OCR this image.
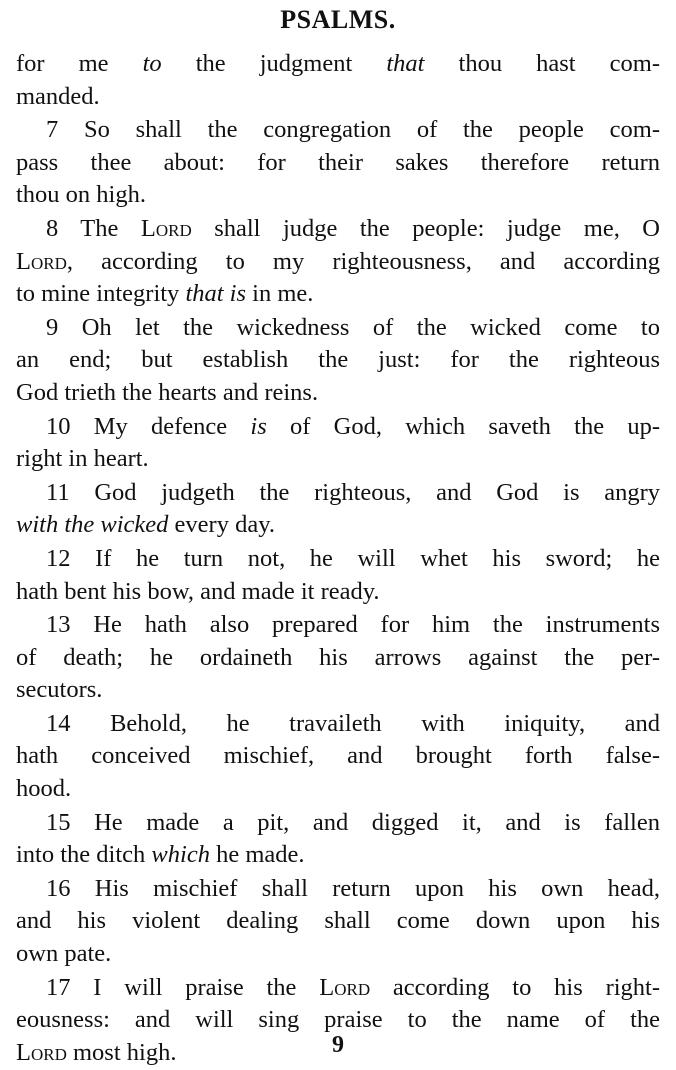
PSALMS.
for me to the judgment that thou hast com-
manded.
7 So shall the congregation of the people com-
pass thee about: for their sakes therefore return
thou on high.
8 The Lord shall judge the people: judge me, O
Lord, according to my righteousness, and according
to mine integrity that is in me.
9 Oh let the wickedness of the wicked come to
an end; but establish the just: for the righteous
God trieth the hearts and reins.
10 My defence is of God, which saveth the up-
right in heart.
11 God judgeth the righteous, and God is angry
with the wicked every day.
12 If he turn not, he will whet his sword; he
hath bent his bow, and made it ready.
13 He hath also prepared for him the instruments
of death; he ordaineth his arrows against the per-
secutors.
14 Behold, he travaileth with iniquity, and
hath conceived mischief, and brought forth false-
hood.
15 He made a pit, and digged it, and is fallen
into the ditch which he made.
16 His mischief shall return upon his own head,
and his violent dealing shall come down upon his
own pate.
17 I will praise the Lord according to his right-
eousness: and will sing praise to the name of the
Lord most high.	9
